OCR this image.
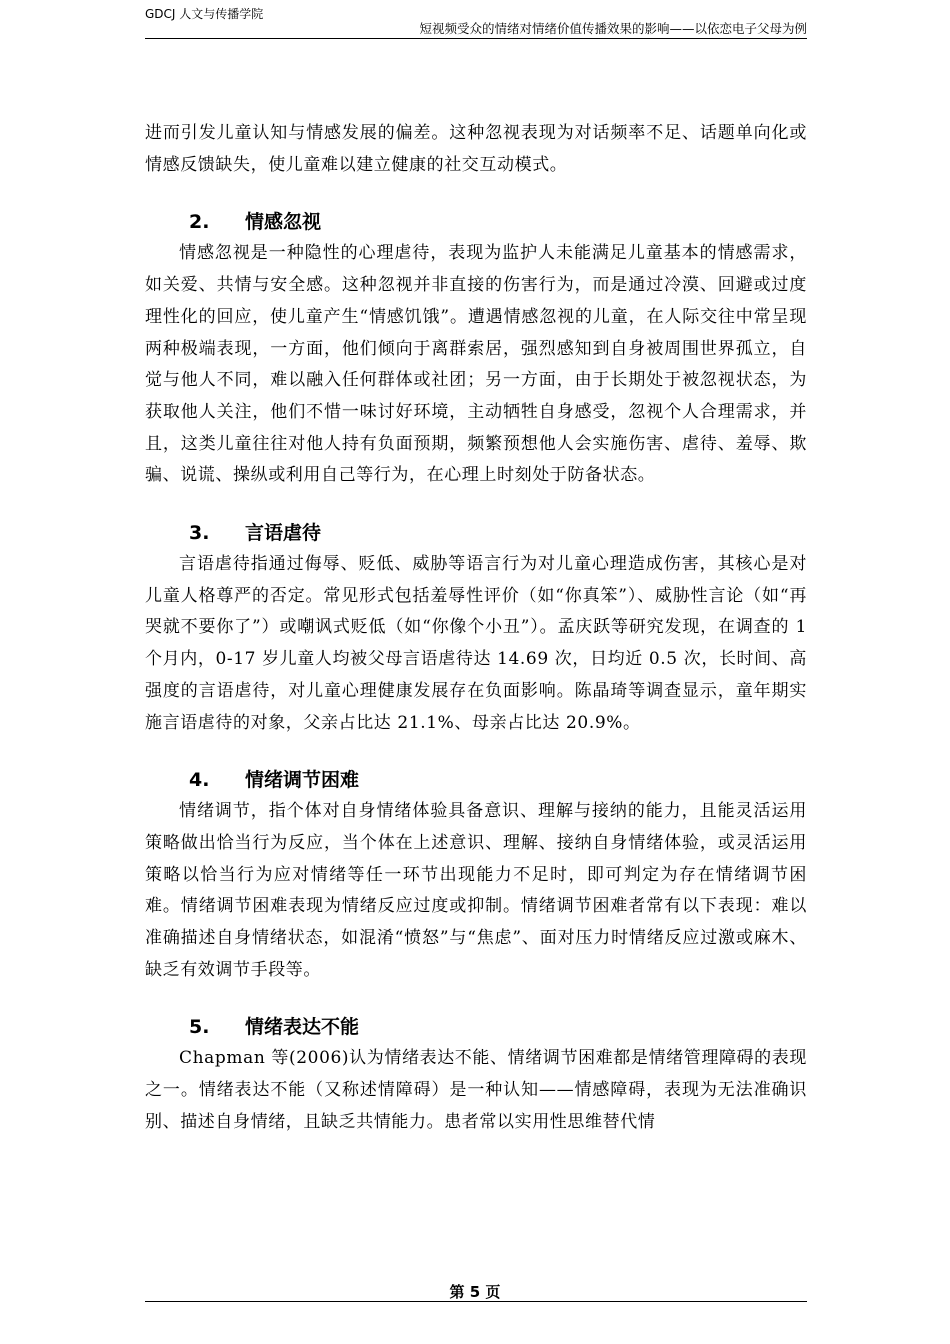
GDCJ 人文与传播学院
短视频受众的情绪对情绪价值传播效果的影响——以依恋电子父母为例

进而引发儿童认知与情感发展的偏差。这种忽视表现为对话频率不足、话题单向化或情感反馈缺失，使儿童难以建立健康的社交互动模式。

2.	情感忽视

情感忽视是一种隐性的心理虐待，表现为监护人未能满足儿童基本的情感需求，如关爱、共情与安全感。这种忽视并非直接的伤害行为，而是通过冷漠、回避或过度理性化的回应，使儿童产生“情感饥饿”。遭遇情感忽视的儿童，在人际交往中常呈现两种极端表现，一方面，他们倾向于离群索居，强烈感知到自身被周围世界孤立，自觉与他人不同，难以融入任何群体或社团；另一方面，由于长期处于被忽视状态，为获取他人关注，他们不惜一味讨好环境，主动牺牲自身感受，忽视个人合理需求，并且，这类儿童往往对他人持有负面预期，频繁预想他人会实施伤害、虐待、羞辱、欺骗、说谎、操纵或利用自己等行为，在心理上时刻处于防备状态。

3.	言语虐待

言语虐待指通过侮辱、贬低、威胁等语言行为对儿童心理造成伤害，其核心是对儿童人格尊严的否定。常见形式包括羞辱性评价（如“你真笨”）、威胁性言论（如“再哭就不要你了”）或嘲讽式贬低（如“你像个小丑”）。孟庆跃等研究发现，在调查的 1 个月内，0-17 岁儿童人均被父母言语虐待达 14.69 次，日均近 0.5 次，长时间、高强度的言语虐待，对儿童心理健康发展存在负面影响。陈晶琦等调查显示，童年期实施言语虐待的对象，父亲占比达 21.1%、母亲占比达 20.9%。

4.	情绪调节困难

情绪调节，指个体对自身情绪体验具备意识、理解与接纳的能力，且能灵活运用策略做出恰当行为反应，当个体在上述意识、理解、接纳自身情绪体验，或灵活运用策略以恰当行为应对情绪等任一环节出现能力不足时，即可判定为存在情绪调节困难。情绪调节困难表现为情绪反应过度或抑制。情绪调节困难者常有以下表现：难以准确描述自身情绪状态，如混淆“愤怒”与“焦虑”、面对压力时情绪反应过激或麻木、缺乏有效调节手段等。

5.	情绪表达不能

Chapman 等(2006)认为情绪表达不能、情绪调节困难都是情绪管理障碍的表现之一。情绪表达不能（又称述情障碍）是一种认知——情感障碍，表现为无法准确识别、描述自身情绪，且缺乏共情能力。患者常以实用性思维替代情

第 5 页
